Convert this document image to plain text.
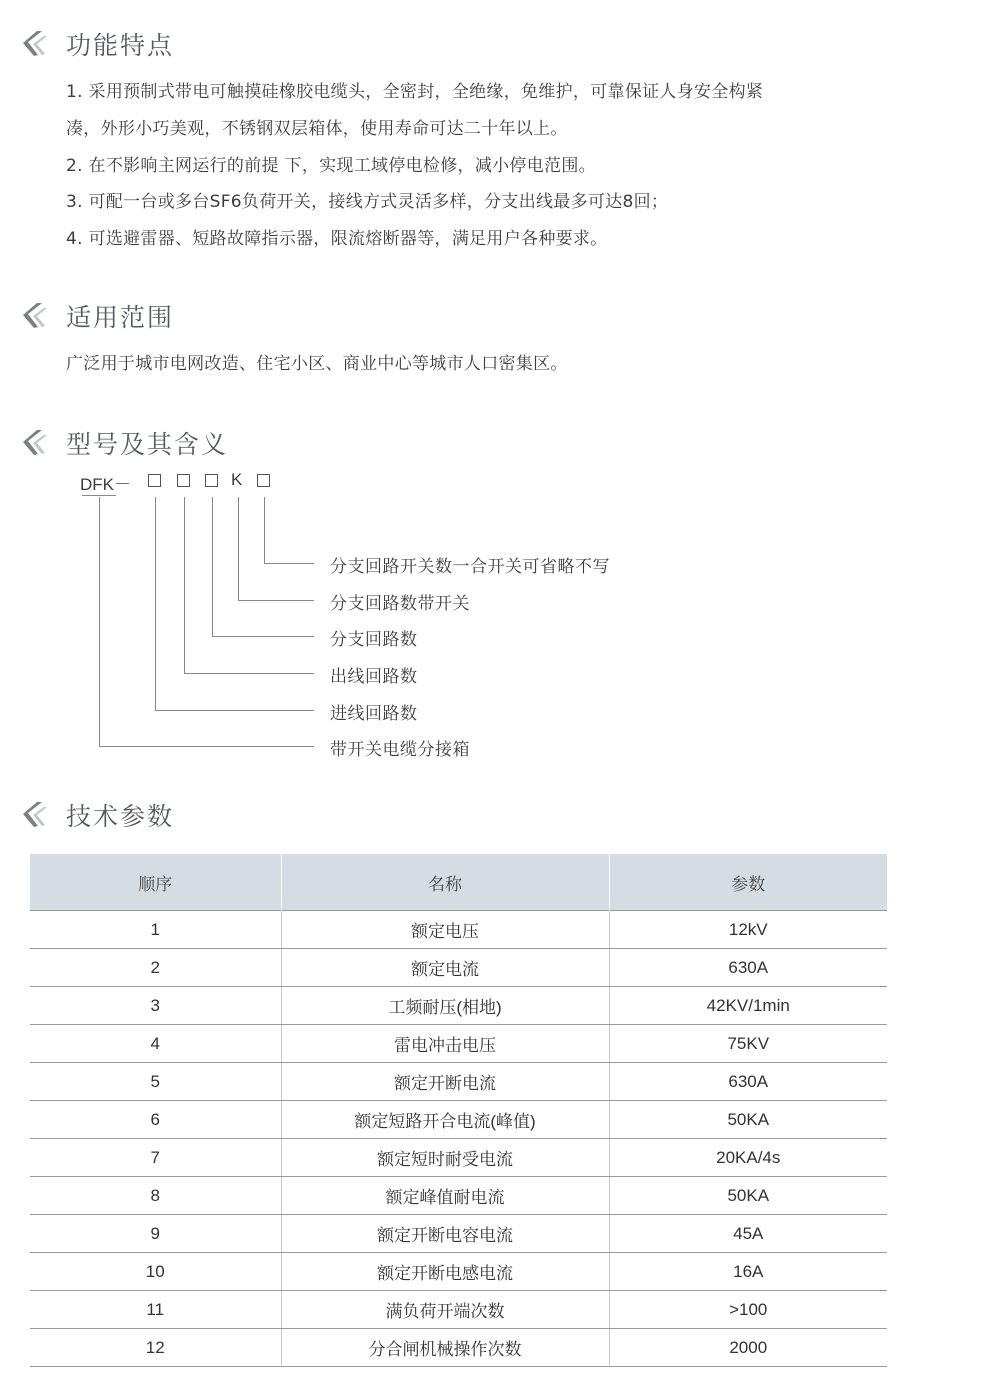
功能特点
1. 采用预制式带电可触摸硅橡胶电缆头，全密封，全绝缘，免维护，可靠保证人身安全构紧
凑，外形小巧美观，不锈钢双层箱体，使用寿命可达二十年以上。
2. 在不影响主网运行的前提 下，实现工域停电检修，减小停电范围。
3. 可配一台或多台SF6负荷开关，接线方式灵活多样，分支出线最多可达8回；
4. 可选避雷器、短路故障指示器，限流熔断器等，满足用户各种要求。
适用范围
广泛用于城市电网改造、住宅小区、商业中心等城市人口密集区。
型号及其含义
DFK－	K
分支回路开关数一合开关可省略不写
分支回路数带开关
分支回路数
出线回路数
进线回路数
带开关电缆分接箱
技术参数
顺序	名称	参数
1	额定电压	12kV
2	额定电流	630A
3	工频耐压(相地)	42KV/1min
4	雷电冲击电压	75KV
5	额定开断电流	630A
6	额定短路开合电流(峰值)	50KA
7	额定短时耐受电流	20KA/4s
8	额定峰值耐电流	50KA
9	额定开断电容电流	45A
10	额定开断电感电流	16A
11	满负荷开端次数	>100
12	分合闸机械操作次数	2000
